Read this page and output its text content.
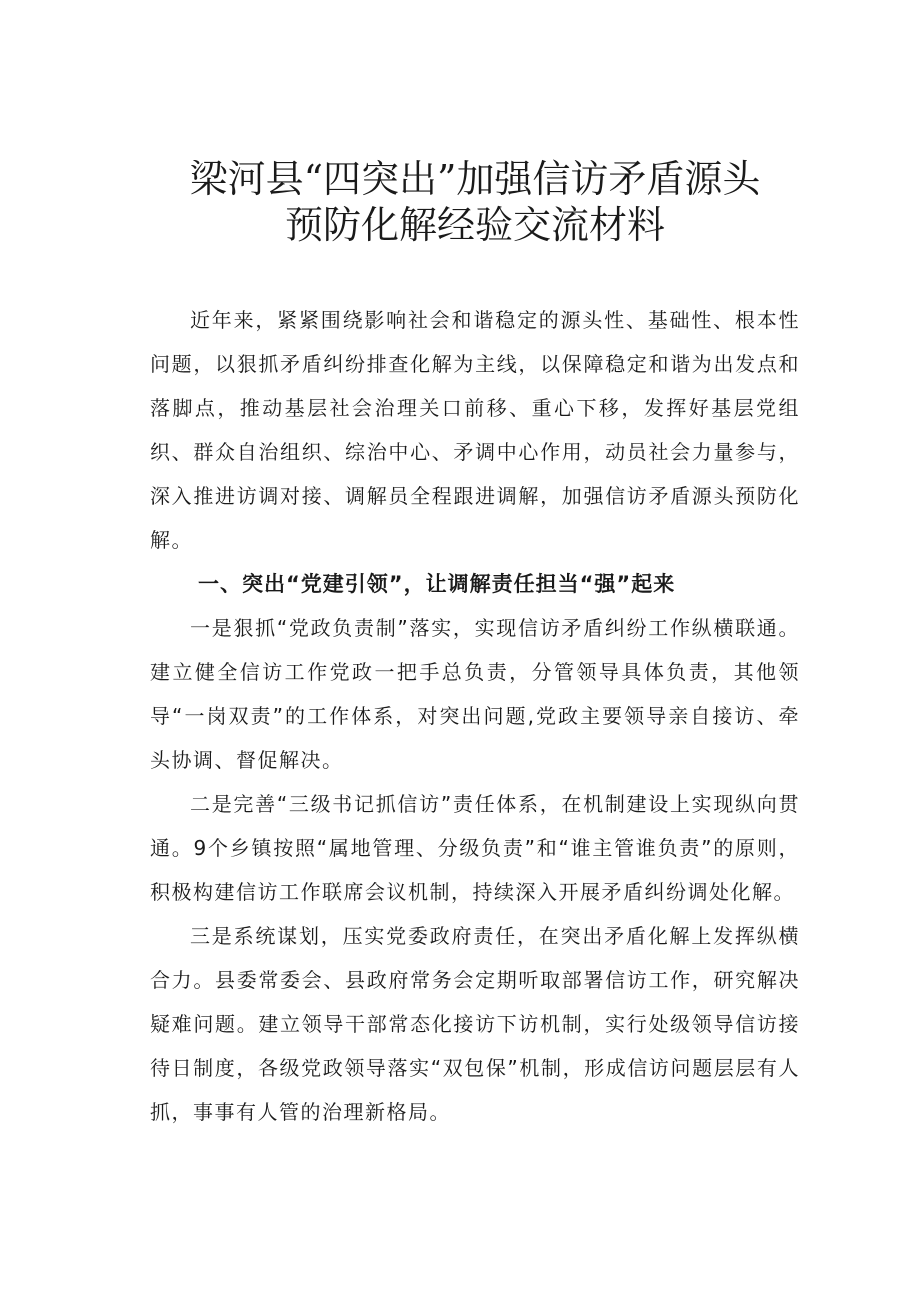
梁河县“四突出”加强信访矛盾源头
预防化解经验交流材料

近年来，紧紧围绕影响社会和谐稳定的源头性、基础性、根本性问题，以狠抓矛盾纠纷排查化解为主线，以保障稳定和谐为出发点和落脚点，推动基层社会治理关口前移、重心下移，发挥好基层党组织、群众自治组织、综治中心、矛调中心作用，动员社会力量参与，深入推进访调对接、调解员全程跟进调解，加强信访矛盾源头预防化解。

一、突出“党建引领”，让调解责任担当“强”起来

一是狠抓“党政负责制”落实，实现信访矛盾纠纷工作纵横联通。建立健全信访工作党政一把手总负责，分管领导具体负责，其他领导“一岗双责”的工作体系，对突出问题,党政主要领导亲自接访、牵头协调、督促解决。

二是完善“三级书记抓信访”责任体系，在机制建设上实现纵向贯通。9个乡镇按照“属地管理、分级负责”和“谁主管谁负责”的原则，积极构建信访工作联席会议机制，持续深入开展矛盾纠纷调处化解。

三是系统谋划，压实党委政府责任，在突出矛盾化解上发挥纵横合力。县委常委会、县政府常务会定期听取部署信访工作，研究解决疑难问题。建立领导干部常态化接访下访机制，实行处级领导信访接待日制度，各级党政领导落实“双包保”机制，形成信访问题层层有人抓，事事有人管的治理新格局。
